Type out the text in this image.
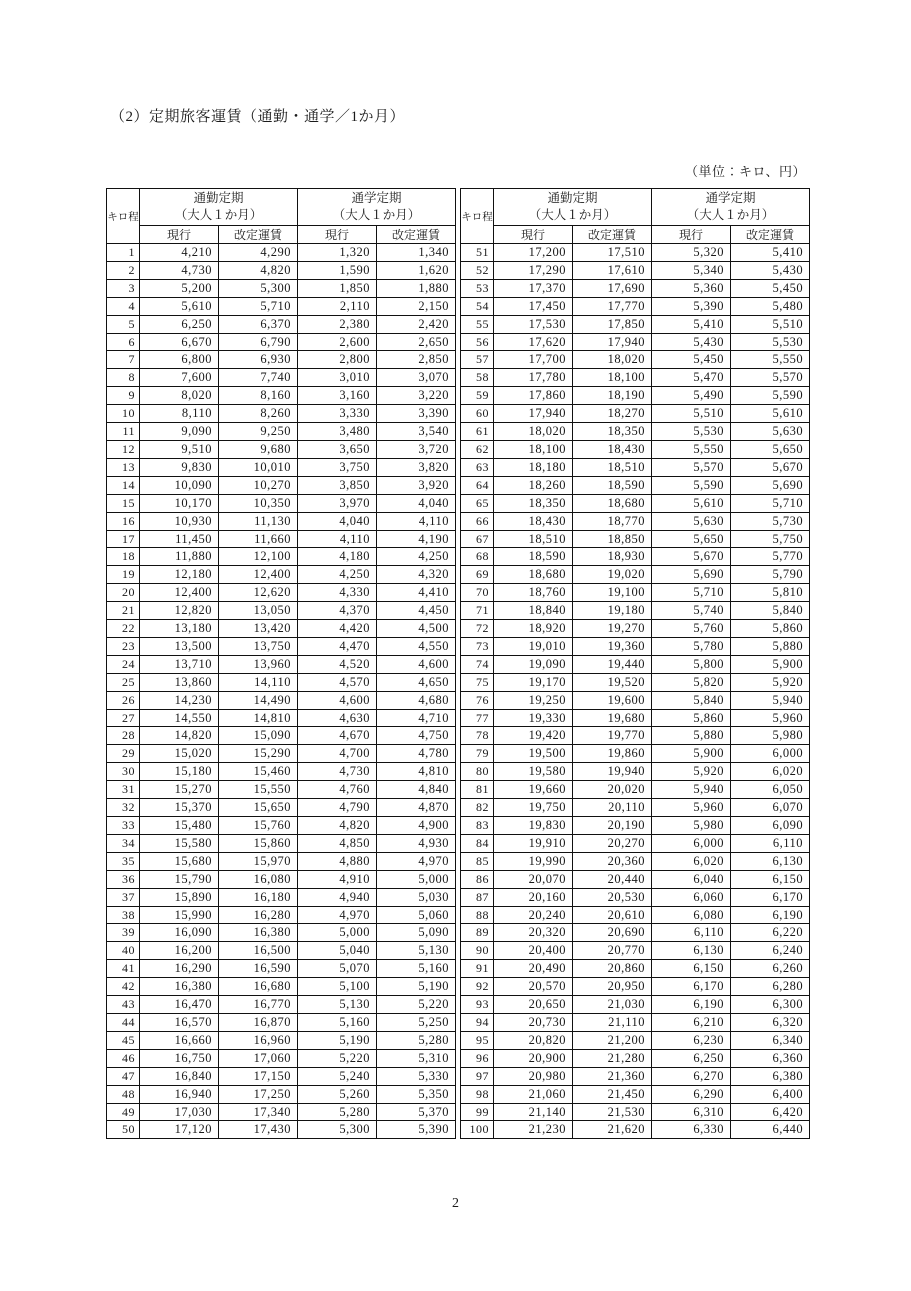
（2）定期旅客運賃（通勤・通学／1か月）
（単位：キロ、円）
キロ程	通勤定期
（大人１か月）		通学定期
（大人１か月）	
	現行	改定運賃	現行	改定運賃
1	4,210	4,290	1,320	1,340
2	4,730	4,820	1,590	1,620
3	5,200	5,300	1,850	1,880
4	5,610	5,710	2,110	2,150
5	6,250	6,370	2,380	2,420
6	6,670	6,790	2,600	2,650
7	6,800	6,930	2,800	2,850
8	7,600	7,740	3,010	3,070
9	8,020	8,160	3,160	3,220
10	8,110	8,260	3,330	3,390
11	9,090	9,250	3,480	3,540
12	9,510	9,680	3,650	3,720
13	9,830	10,010	3,750	3,820
14	10,090	10,270	3,850	3,920
15	10,170	10,350	3,970	4,040
16	10,930	11,130	4,040	4,110
17	11,450	11,660	4,110	4,190
18	11,880	12,100	4,180	4,250
19	12,180	12,400	4,250	4,320
20	12,400	12,620	4,330	4,410
21	12,820	13,050	4,370	4,450
22	13,180	13,420	4,420	4,500
23	13,500	13,750	4,470	4,550
24	13,710	13,960	4,520	4,600
25	13,860	14,110	4,570	4,650
26	14,230	14,490	4,600	4,680
27	14,550	14,810	4,630	4,710
28	14,820	15,090	4,670	4,750
29	15,020	15,290	4,700	4,780
30	15,180	15,460	4,730	4,810
31	15,270	15,550	4,760	4,840
32	15,370	15,650	4,790	4,870
33	15,480	15,760	4,820	4,900
34	15,580	15,860	4,850	4,930
35	15,680	15,970	4,880	4,970
36	15,790	16,080	4,910	5,000
37	15,890	16,180	4,940	5,030
38	15,990	16,280	4,970	5,060
39	16,090	16,380	5,000	5,090
40	16,200	16,500	5,040	5,130
41	16,290	16,590	5,070	5,160
42	16,380	16,680	5,100	5,190
43	16,470	16,770	5,130	5,220
44	16,570	16,870	5,160	5,250
45	16,660	16,960	5,190	5,280
46	16,750	17,060	5,220	5,310
47	16,840	17,150	5,240	5,330
48	16,940	17,250	5,260	5,350
49	17,030	17,340	5,280	5,370
50	17,120	17,430	5,300	5,390
キロ程	通勤定期
（大人１か月）		通学定期
（大人１か月）	
	現行	改定運賃	現行	改定運賃
51	17,200	17,510	5,320	5,410
52	17,290	17,610	5,340	5,430
53	17,370	17,690	5,360	5,450
54	17,450	17,770	5,390	5,480
55	17,530	17,850	5,410	5,510
56	17,620	17,940	5,430	5,530
57	17,700	18,020	5,450	5,550
58	17,780	18,100	5,470	5,570
59	17,860	18,190	5,490	5,590
60	17,940	18,270	5,510	5,610
61	18,020	18,350	5,530	5,630
62	18,100	18,430	5,550	5,650
63	18,180	18,510	5,570	5,670
64	18,260	18,590	5,590	5,690
65	18,350	18,680	5,610	5,710
66	18,430	18,770	5,630	5,730
67	18,510	18,850	5,650	5,750
68	18,590	18,930	5,670	5,770
69	18,680	19,020	5,690	5,790
70	18,760	19,100	5,710	5,810
71	18,840	19,180	5,740	5,840
72	18,920	19,270	5,760	5,860
73	19,010	19,360	5,780	5,880
74	19,090	19,440	5,800	5,900
75	19,170	19,520	5,820	5,920
76	19,250	19,600	5,840	5,940
77	19,330	19,680	5,860	5,960
78	19,420	19,770	5,880	5,980
79	19,500	19,860	5,900	6,000
80	19,580	19,940	5,920	6,020
81	19,660	20,020	5,940	6,050
82	19,750	20,110	5,960	6,070
83	19,830	20,190	5,980	6,090
84	19,910	20,270	6,000	6,110
85	19,990	20,360	6,020	6,130
86	20,070	20,440	6,040	6,150
87	20,160	20,530	6,060	6,170
88	20,240	20,610	6,080	6,190
89	20,320	20,690	6,110	6,220
90	20,400	20,770	6,130	6,240
91	20,490	20,860	6,150	6,260
92	20,570	20,950	6,170	6,280
93	20,650	21,030	6,190	6,300
94	20,730	21,110	6,210	6,320
95	20,820	21,200	6,230	6,340
96	20,900	21,280	6,250	6,360
97	20,980	21,360	6,270	6,380
98	21,060	21,450	6,290	6,400
99	21,140	21,530	6,310	6,420
100	21,230	21,620	6,330	6,440
2
